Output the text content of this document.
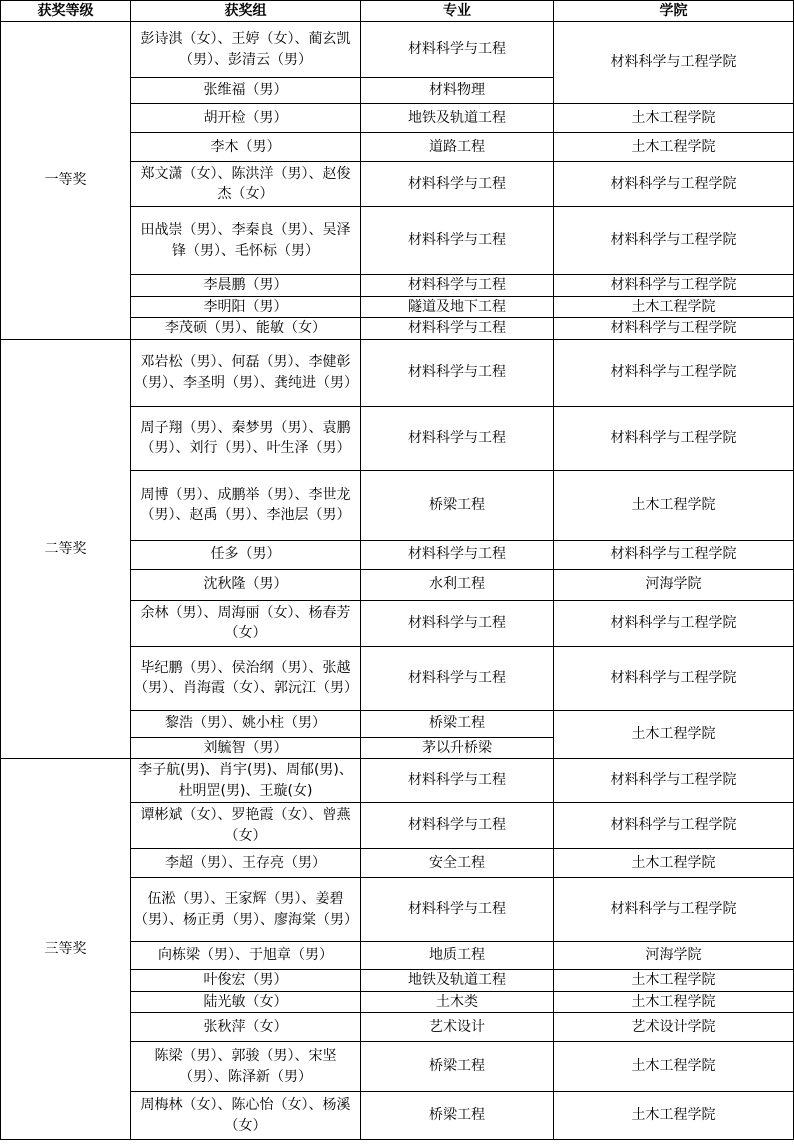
获奖等级	获奖组	专业	学院
一等奖	彭诗淇（女）、王婷（女）、蔺玄凯（男）、彭清云（男）	材料科学与工程	材料科学与工程学院
	张维福（男）	材料物理	
	胡开检（男）	地铁及轨道工程	土木工程学院
	李木（男）	道路工程	土木工程学院
	郑文潇（女）、陈洪洋（男）、赵俊杰（女）	材料科学与工程	材料科学与工程学院
	田战崇（男）、李秦良（男）、吴泽锋（男）、毛怀标（男）	材料科学与工程	材料科学与工程学院
	李晨鹏（男）	材料科学与工程	材料科学与工程学院
	李明阳（男）	隧道及地下工程	土木工程学院
	李茂硕（男）、能敏（女）	材料科学与工程	材料科学与工程学院
二等奖	邓岩松（男）、何磊（男）、李健彰（男）、李圣明（男）、龚纯进（男）	材料科学与工程	材料科学与工程学院
	周子翔（男）、秦梦男（男）、袁鹏（男）、刘行（男）、叶生泽（男）	材料科学与工程	材料科学与工程学院
	周博（男）、成鹏举（男）、李世龙（男）、赵禹（男）、李池层（男）	桥梁工程	土木工程学院
	任多（男）	材料科学与工程	材料科学与工程学院
	沈秋隆（男）	水利工程	河海学院
	余林（男）、周海丽（女）、杨春芳（女）	材料科学与工程	材料科学与工程学院
	毕纪鹏（男）、侯治纲（男）、张越（男）、肖海霞（女）、郭沅江（男）	材料科学与工程	材料科学与工程学院
	黎浩（男）、姚小柱（男）	桥梁工程	土木工程学院
	刘毓智（男）	茅以升桥梁	
三等奖	李子航(男)、肖宇(男)、周郁(男)、杜明罡(男)、王璇(女)	材料科学与工程	材料科学与工程学院
	谭彬斌（女）、罗艳霞（女）、曾燕（女）	材料科学与工程	材料科学与工程学院
	李超（男）、王存亮（男）	安全工程	土木工程学院
	伍淞（男）、王家辉（男）、姜碧（男）、杨正勇（男）、廖海棠（男）	材料科学与工程	材料科学与工程学院
	向栋梁（男）、于旭章（男）	地质工程	河海学院
	叶俊宏（男）	地铁及轨道工程	土木工程学院
	陆光敏（女）	土木类	土木工程学院
	张秋萍（女）	艺术设计	艺术设计学院
	陈梁（男）、郭骏（男）、宋坚（男）、陈泽新（男）	桥梁工程	土木工程学院
	周梅林（女）、陈心怡（女）、杨溪（女）	桥梁工程	土木工程学院
